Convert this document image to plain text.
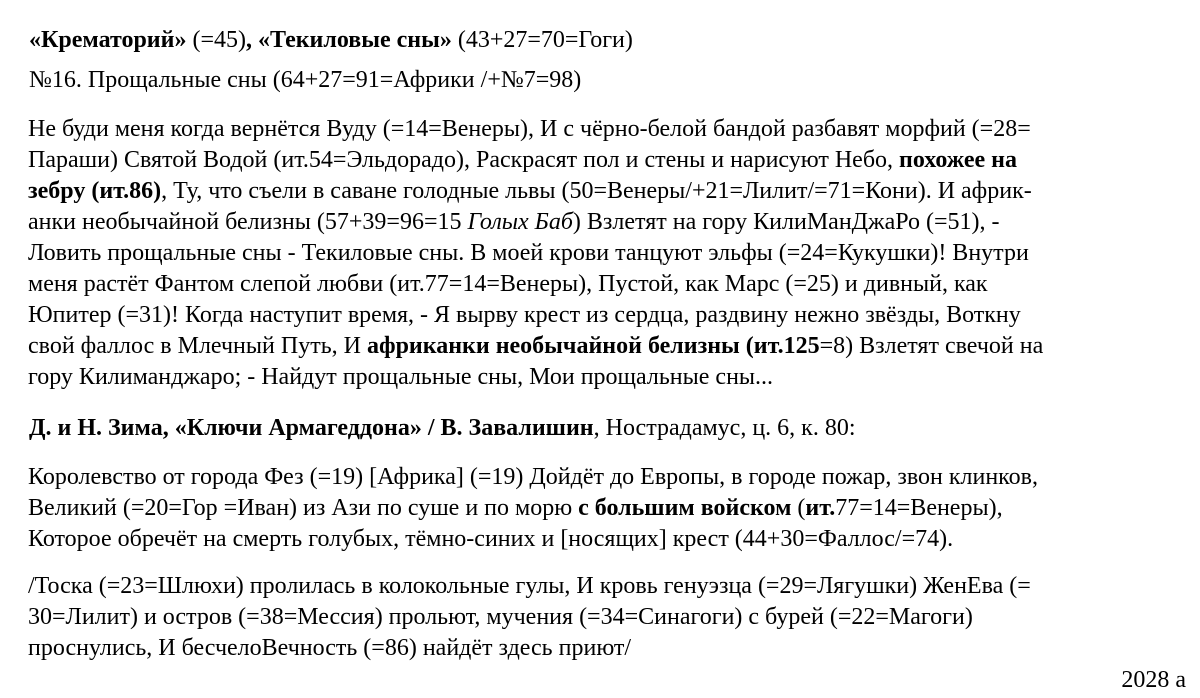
«Крематорий» (=45), «Текиловые сны» (43+27=70=Гоги)
№16. Прощальные сны (64+27=91=Африки /+№7=98)
Не буди меня когда вернётся Вуду (=14=Венеры), И с чёрно-белой бандой разбавят морфий (=28=
Параши) Святой Водой (ит.54=Эльдорадо), Раскрасят пол и стены и нарисуют Небо, похожее на
зебру (ит.86), Ту, что съели в саване голодные львы (50=Венеры/+21=Лилит/=71=Кони). И африк-
анки необычайной белизны (57+39=96=15 Голых Баб) Взлетят на гору КилиМанДжаРо (=51), -
Ловить прощальные сны - Текиловые сны. В моей крови танцуют эльфы (=24=Кукушки)! Внутри
меня растёт Фантом слепой любви (ит.77=14=Венеры), Пустой, как Марс (=25) и дивный, как
Юпитер (=31)! Когда наступит время, - Я вырву крест из сердца, раздвину нежно звёзды, Воткну
свой фаллос в Млечный Путь, И африканки необычайной белизны (ит.125=8) Взлетят свечой на
гору Килиманджаро; - Найдут прощальные сны, Мои прощальные сны...
Д. и Н. Зима, «Ключи Армагеддона» / В. Завалишин, Нострадамус, ц. 6, к. 80:
Королевство от города Фез (=19) [Африка] (=19) Дойдёт до Европы, в городе пожар, звон клинков,
Великий (=20=Гор =Иван) из Ази по суше и по морю с большим войском (ит.77=14=Венеры),
Которое обречёт на смерть голубых, тёмно-синих и [носящих] крест (44+30=Фаллос/=74).
/Тоска (=23=Шлюхи) пролилась в колокольные гулы, И кровь генуэзца (=29=Лягушки) ЖенЕва (=
30=Лилит) и остров (=38=Мессия) прольют, мучения (=34=Синагоги) с бурей (=22=Магоги)
проснулись, И бесчелоВечность (=86) найдёт здесь приют/
2028 а
